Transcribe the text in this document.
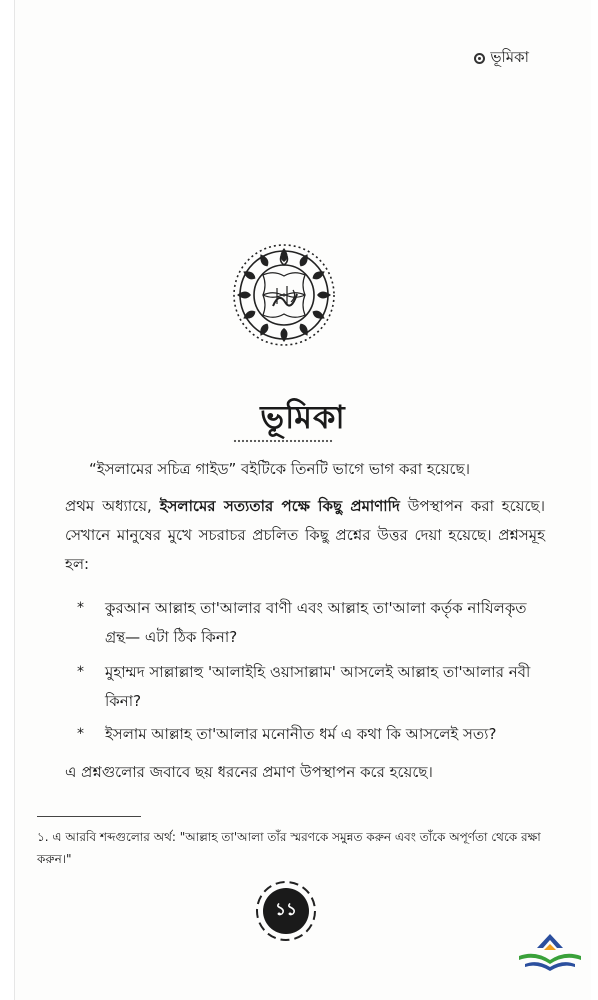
ভূমিকা
ভূমিকা
“ইসলামের সচিত্র গাইড” বইটিকে তিনটি ভাগে ভাগ করা হয়েছে।
প্রথম অধ্যায়ে, ইসলামের সত্যতার পক্ষে কিছু প্রমাণাদি উপস্থাপন করা হয়েছে। সেখানে মানুষের মুখে সচরাচর প্রচলিত কিছু প্রশ্নের উত্তর দেয়া হয়েছে। প্রশ্নসমূহ হল:
* কুরআন আল্লাহ তা'আলার বাণী এবং আল্লাহ তা'আলা কর্তৃক নাযিলকৃত গ্রন্থ— এটা ঠিক কিনা?
* মুহাম্মদ সাল্লাল্লাহু 'আলাইহি ওয়াসাল্লাম' আসলেই আল্লাহ তা'আলার নবী কিনা?
* ইসলাম আল্লাহ তা'আলার মনোনীত ধর্ম এ কথা কি আসলেই সত্য?
এ প্রশ্নগুলোর জবাবে ছয় ধরনের প্রমাণ উপস্থাপন করে হয়েছে।
১. এ আরবি শব্দগুলোর অর্থ: "আল্লাহ তা'আলা তাঁর স্মরণকে সমুন্নত করুন এবং তাঁকে অপূর্ণতা থেকে রক্ষা করুন।"
১১
